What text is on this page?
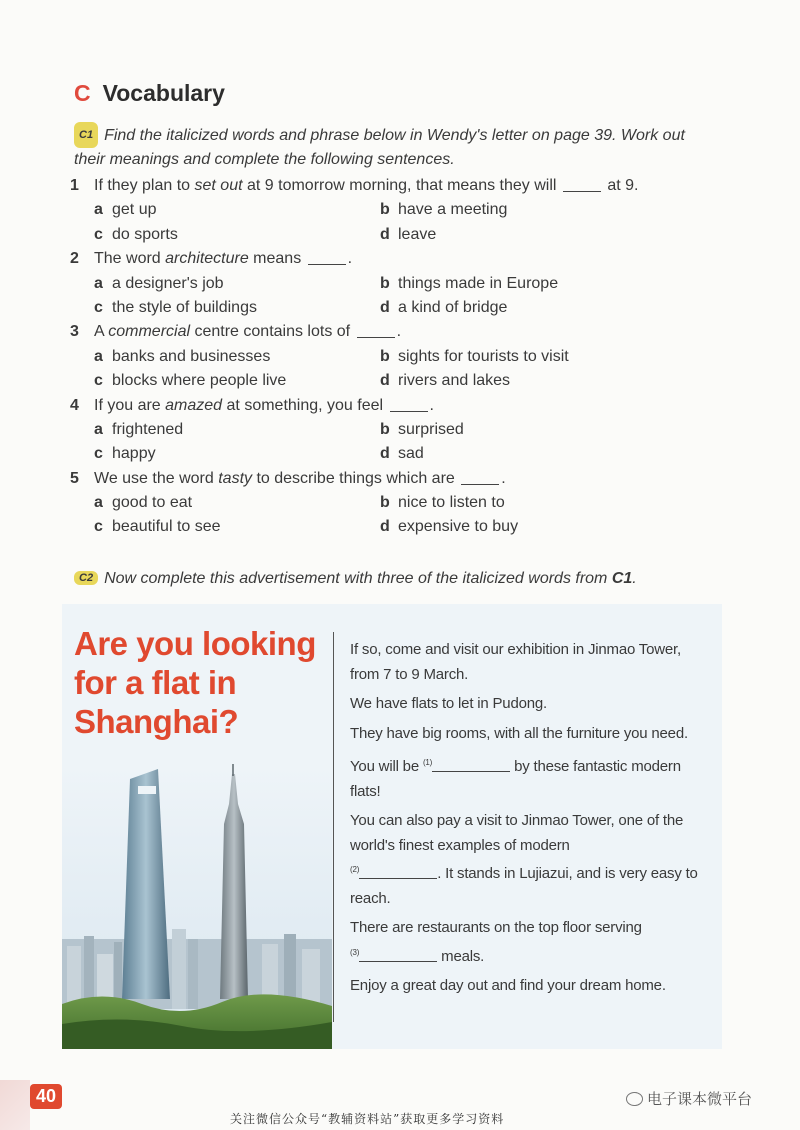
C Vocabulary
C1 Find the italicized words and phrase below in Wendy's letter on page 39. Work out their meanings and complete the following sentences.
1 If they plan to set out at 9 tomorrow morning, that means they will	at 9.
a get up	b have a meeting
c do sports	d leave
2 The word architecture means	.
a a designer's job	b things made in Europe
c the style of buildings	d a kind of bridge
3 A commercial centre contains lots of	.
a banks and businesses	b sights for tourists to visit
c blocks where people live	d rivers and lakes
4 If you are amazed at something, you feel	.
a frightened	b surprised
c happy	d sad
5 We use the word tasty to describe things which are	.
a good to eat	b nice to listen to
c beautiful to see	d expensive to buy
C2 Now complete this advertisement with three of the italicized words from C1.
Are you looking for a flat in Shanghai?

If so, come and visit our exhibition in Jinmao Tower, from 7 to 9 March.

We have flats to let in Pudong.

They have big rooms, with all the furniture you need.

You will be $^{(1)}$	by these fantastic modern flats!

You can also pay a visit to Jinmao Tower, one of the world's finest examples of modern
$^{(2)}$	. It stands in Lujiazui, and is very easy to reach.

There are restaurants on the top floor serving
$^{(3)}$	meals.

Enjoy a great day out and find your dream home.

40	电子课本微平台
关注微信公众号“教辅资料站”获取更多学习资料
